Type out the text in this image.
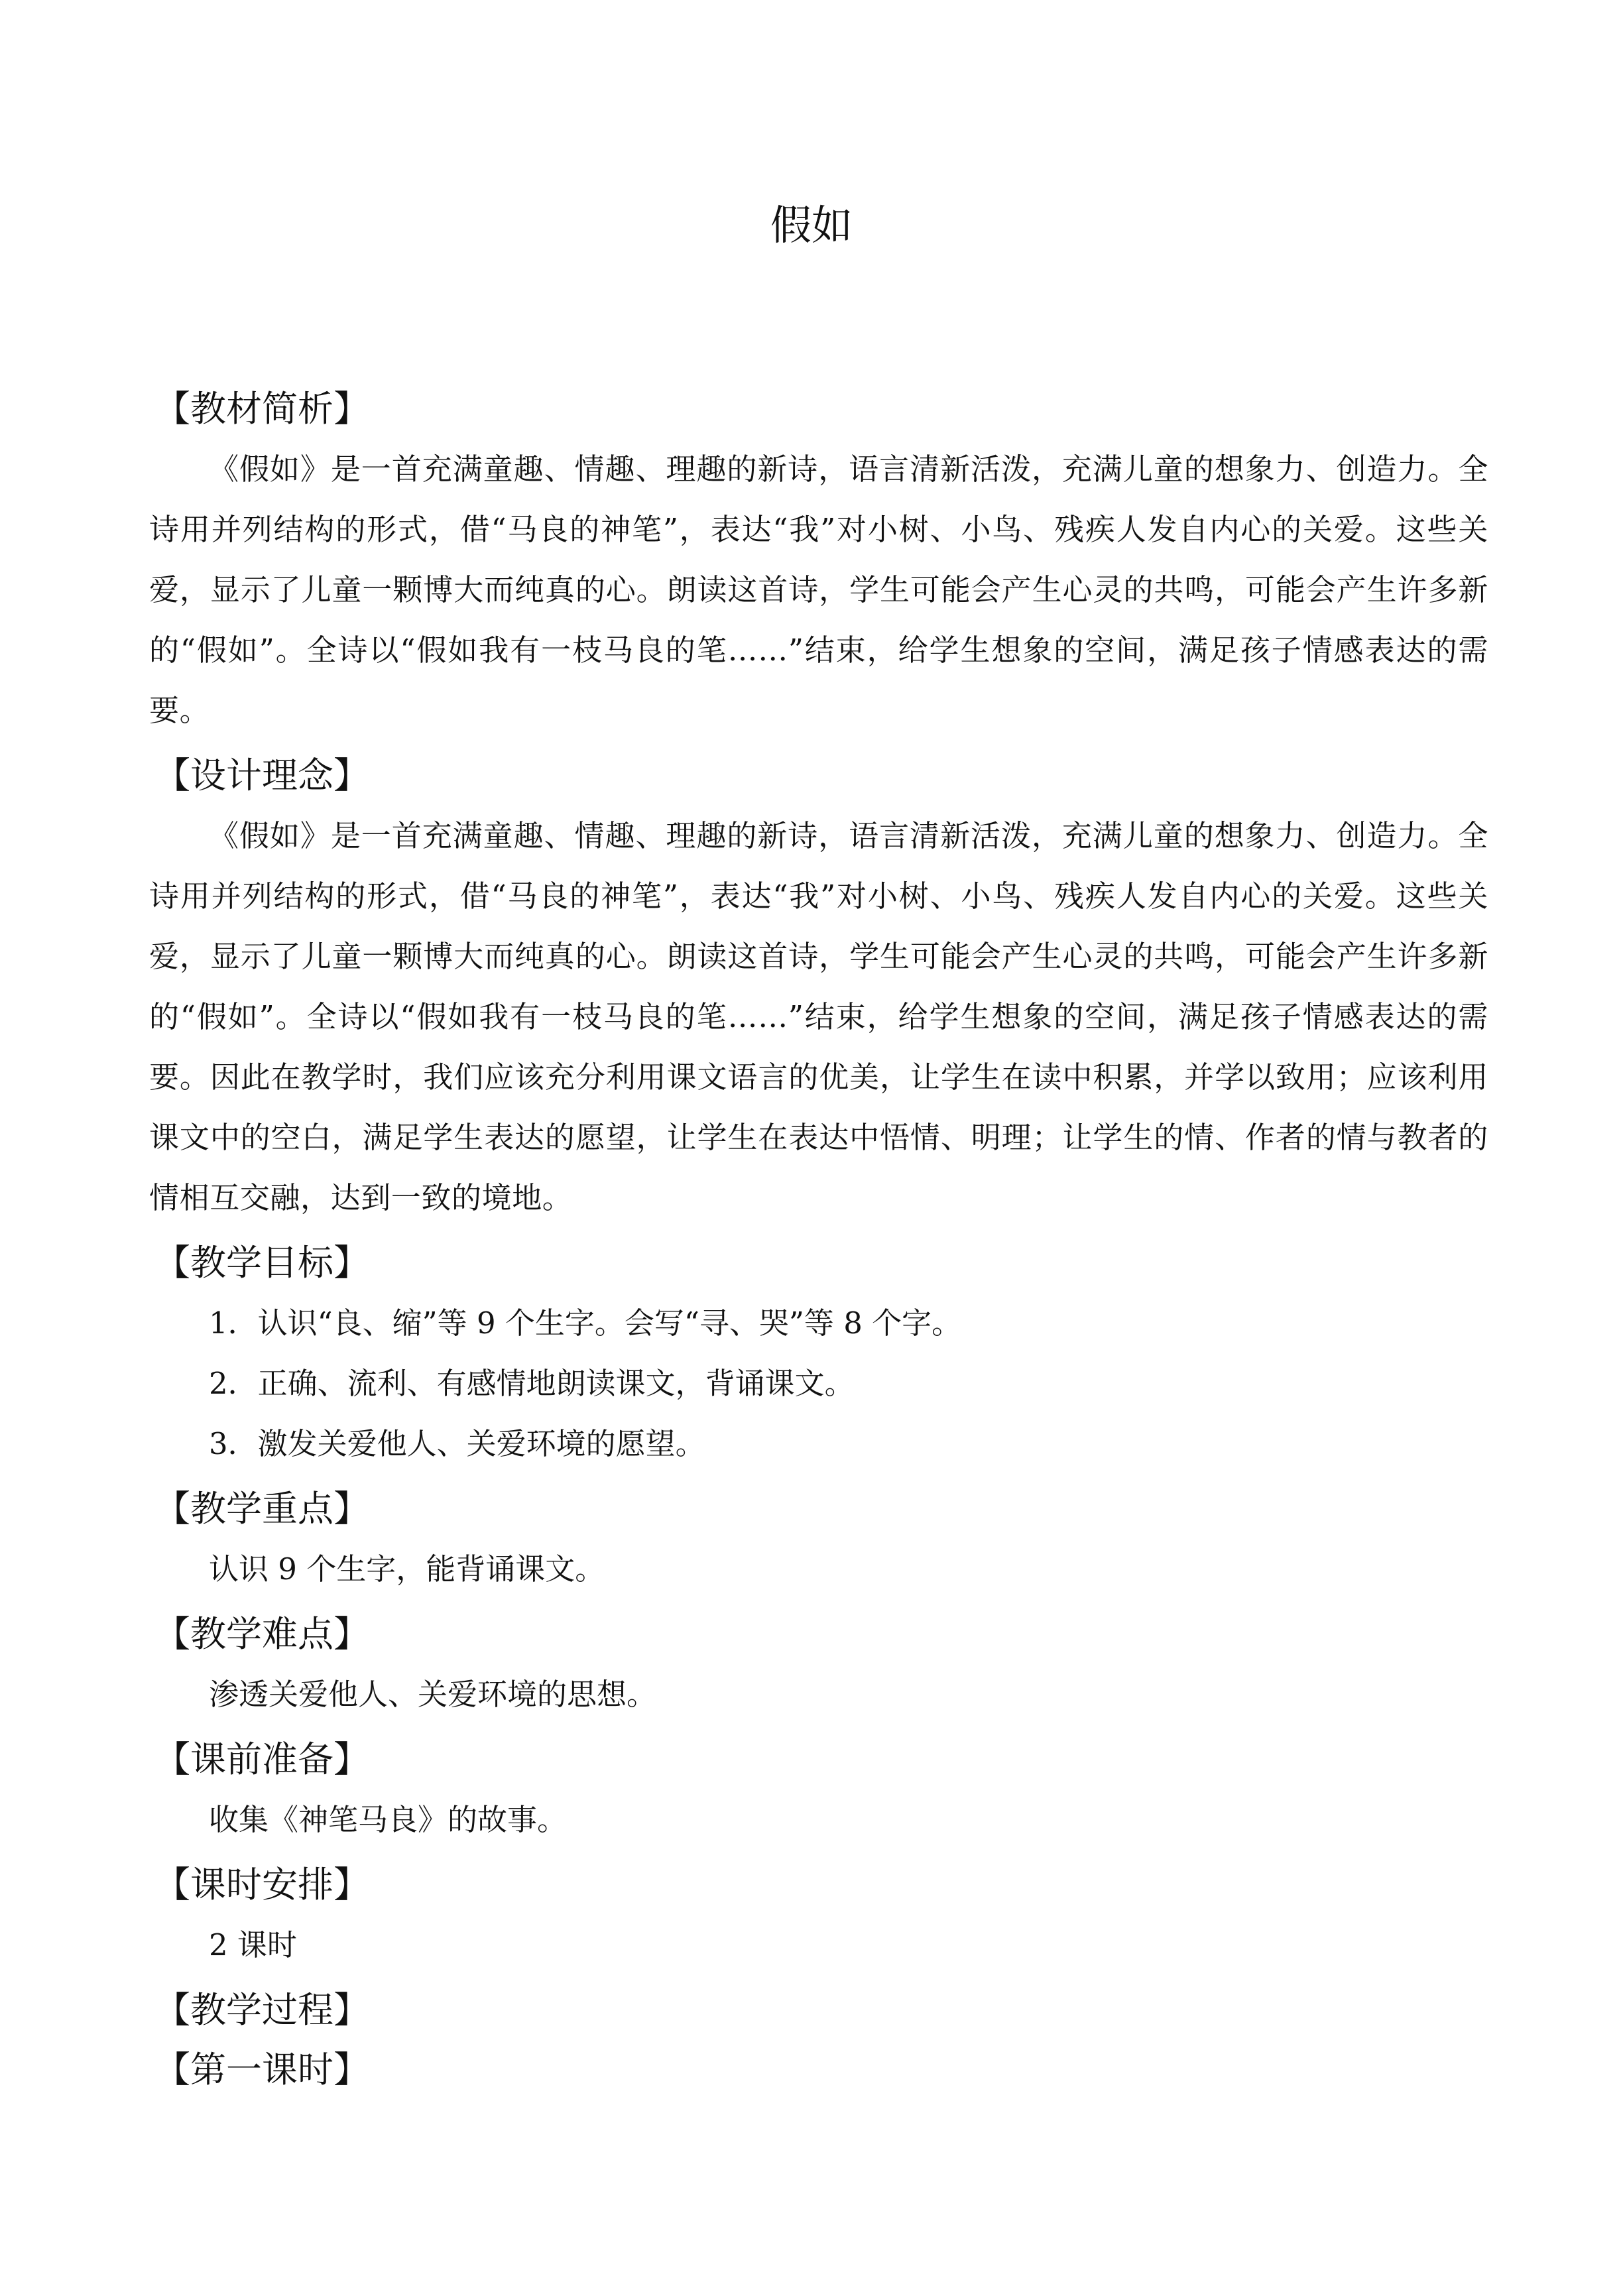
假如
【教材简析】

《假如》是一首充满童趣、情趣、理趣的新诗，语言清新活泼，充满儿童的想象力、创造力。全诗用并列结构的形式，借“马良的神笔”，表达“我”对小树、小鸟、残疾人发自内心的关爱。这些关爱，显示了儿童一颗博大而纯真的心。朗读这首诗，学生可能会产生心灵的共鸣，可能会产生许多新的“假如”。全诗以“假如我有一枝马良的笔……”结束，给学生想象的空间，满足孩子情感表达的需要。

【设计理念】

《假如》是一首充满童趣、情趣、理趣的新诗，语言清新活泼，充满儿童的想象力、创造力。全诗用并列结构的形式，借“马良的神笔”，表达“我”对小树、小鸟、残疾人发自内心的关爱。这些关爱，显示了儿童一颗博大而纯真的心。朗读这首诗，学生可能会产生心灵的共鸣，可能会产生许多新的“假如”。全诗以“假如我有一枝马良的笔……”结束，给学生想象的空间，满足孩子情感表达的需要。因此在教学时，我们应该充分利用课文语言的优美，让学生在读中积累，并学以致用；应该利用课文中的空白，满足学生表达的愿望，让学生在表达中悟情、明理；让学生的情、作者的情与教者的情相互交融，达到一致的境地。

【教学目标】

1．认识“良、缩”等 9 个生字。会写“寻、哭”等 8 个字。

2．正确、流利、有感情地朗读课文，背诵课文。

3．激发关爱他人、关爱环境的愿望。

【教学重点】

认识 9 个生字，能背诵课文。

【教学难点】

渗透关爱他人、关爱环境的思想。

【课前准备】

收集《神笔马良》的故事。

【课时安排】

2 课时

【教学过程】
【第一课时】
